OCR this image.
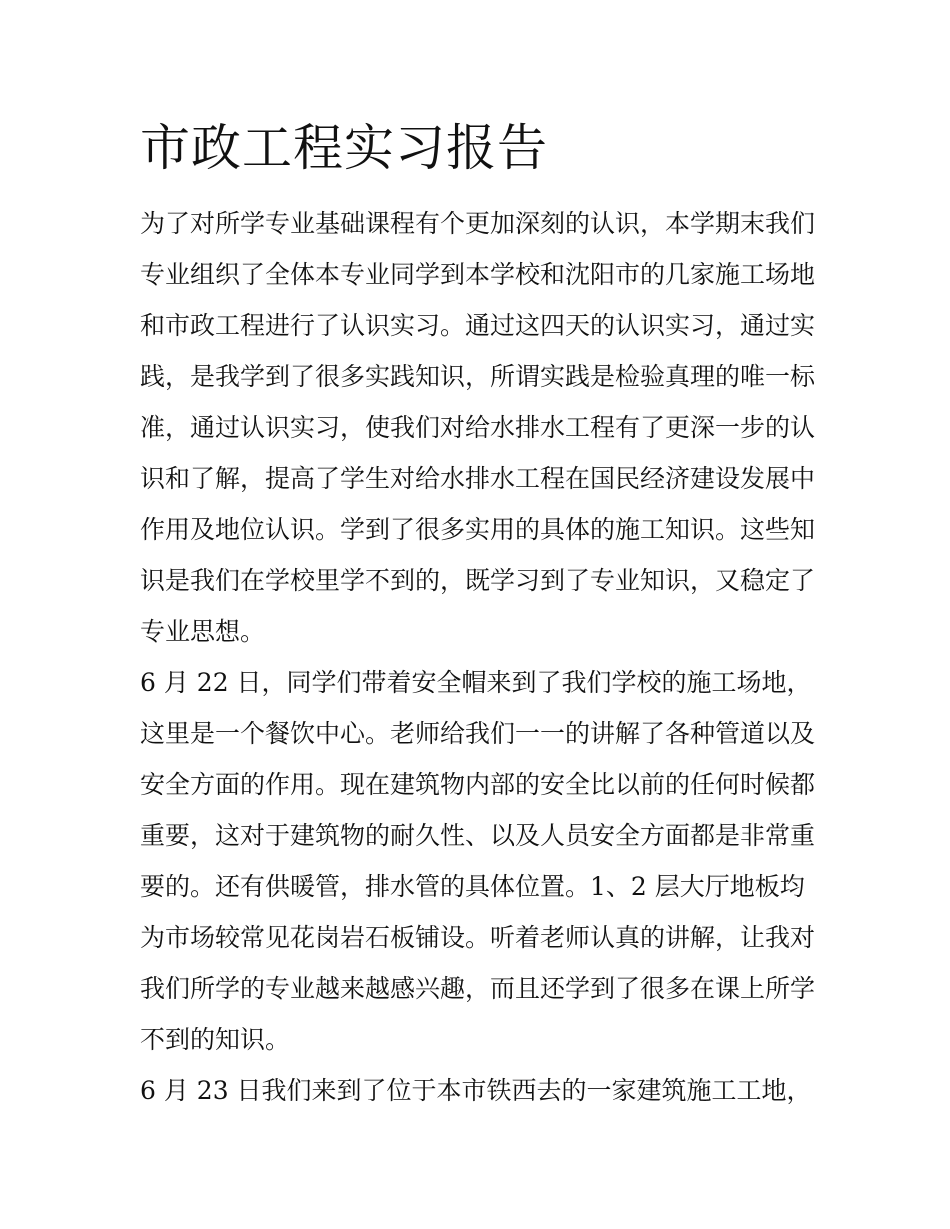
市政工程实习报告
为了对所学专业基础课程有个更加深刻的认识，本学期末我们
专业组织了全体本专业同学到本学校和沈阳市的几家施工场地
和市政工程进行了认识实习。通过这四天的认识实习，通过实
践，是我学到了很多实践知识，所谓实践是检验真理的唯一标
准，通过认识实习，使我们对给水排水工程有了更深一步的认
识和了解，提高了学生对给水排水工程在国民经济建设发展中
作用及地位认识。学到了很多实用的具体的施工知识。这些知
识是我们在学校里学不到的，既学习到了专业知识，又稳定了
专业思想。
6 月 22 日，同学们带着安全帽来到了我们学校的施工场地，
这里是一个餐饮中心。老师给我们一一的讲解了各种管道以及
安全方面的作用。现在建筑物内部的安全比以前的任何时候都
重要，这对于建筑物的耐久性、以及人员安全方面都是非常重
要的。还有供暖管，排水管的具体位置。1、2 层大厅地板均
为市场较常见花岗岩石板铺设。听着老师认真的讲解，让我对
我们所学的专业越来越感兴趣，而且还学到了很多在课上所学
不到的知识。
6 月 23 日我们来到了位于本市铁西去的一家建筑施工工地，
